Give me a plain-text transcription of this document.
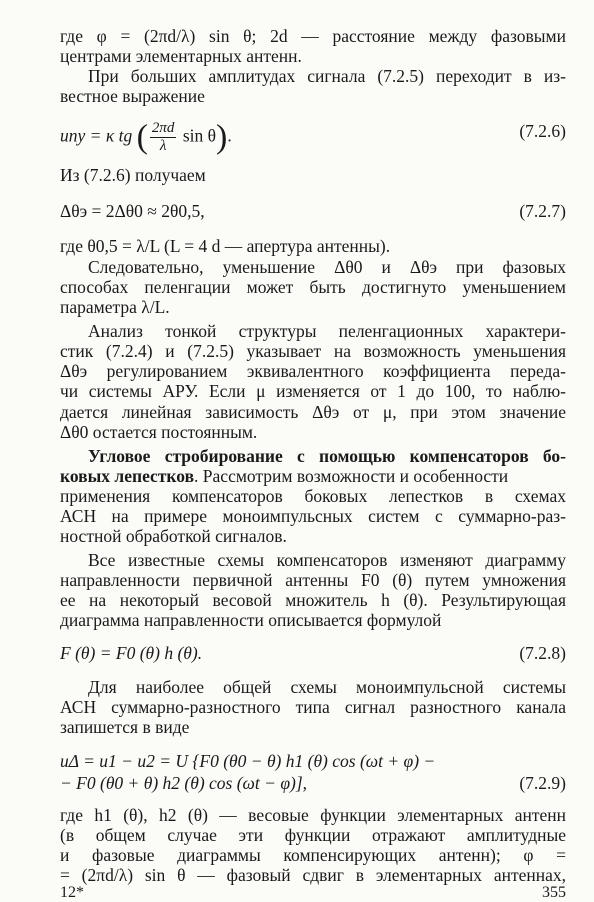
где φ = (2πd/λ) sin θ; 2d — расстояние между фазовыми
центрами элементарных антенн.
При больших амплитудах сигнала (7.2.5) переходит в из-
вестное выражение
uпу = κ tg ( $\frac{2\pi d}{\lambda}$ sin θ).	(7.2.6)
Из (7.2.6) получаем
Δθэ = 2Δθ0 ≈ 2θ0,5,	(7.2.7)
где θ0,5 = λ/L (L = 4 d — апертура антенны).
Следовательно, уменьшение Δθ0 и Δθэ при фазовых
способах пеленгации может быть достигнуто уменьшением
параметра λ/L.
Анализ тонкой структуры пеленгационных характери-
стик (7.2.4) и (7.2.5) указывает на возможность уменьшения
Δθэ регулированием эквивалентного коэффициента переда-
чи системы АРУ. Если μ изменяется от 1 до 100, то наблю-
дается линейная зависимость Δθэ от μ, при этом значение
Δθ0 остается постоянным.
Угловое стробирование с помощью компенсаторов бо-
ковых лепестков. Рассмотрим возможности и особенности
применения компенсаторов боковых лепестков в схемах
АСН на примере моноимпульсных систем с суммарно-раз-
ностной обработкой сигналов.
Все известные схемы компенсаторов изменяют диаграмму
направленности первичной антенны F0 (θ) путем умножения
ее на некоторый весовой множитель h (θ). Результирующая
диаграмма направленности описывается формулой
F (θ) = F0 (θ) h (θ).	(7.2.8)
Для наиболее общей схемы моноимпульсной системы
АСН суммарно-разностного типа сигнал разностного канала
запишется в виде
uΔ = u1 − u2 = U {F0 (θ0 − θ) h1 (θ) cos (ωt + φ) −
− F0 (θ0 + θ) h2 (θ) cos (ωt − φ)],	(7.2.9)
где h1 (θ), h2 (θ) — весовые функции элементарных антенн
(в общем случае эти функции отражают амплитудные
и фазовые диаграммы компенсирующих антенн); φ =
= (2πd/λ) sin θ — фазовый сдвиг в элементарных антеннах,
12*	355
